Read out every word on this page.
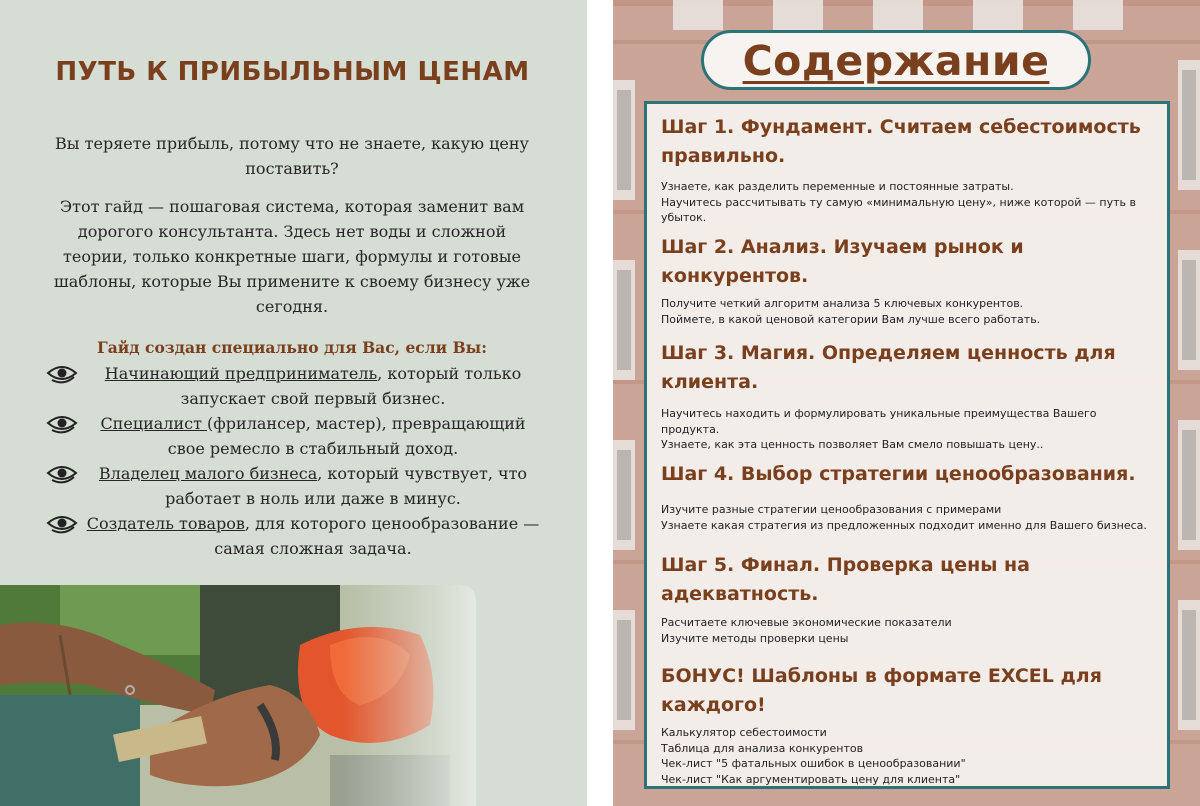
ПУТЬ К ПРИБЫЛЬНЫМ ЦЕНАМ

Вы теряете прибыль, потому что не знаете, какую цену поставить?

Этот гайд — пошаговая система, которая заменит вам дорогого консультанта. Здесь нет воды и сложной теории, только конкретные шаги, формулы и готовые шаблоны, которые Вы примените к своему бизнесу уже сегодня.

Гайд создан специально для Вас, если Вы:

Начинающий предприниматель, который только запускает свой первый бизнес.
Специалист (фрилансер, мастер), превращающий свое ремесло в стабильный доход.
Владелец малого бизнеса, который чувствует, что работает в ноль или даже в минус.
Создатель товаров, для которого ценообразование — самая сложная задача.
Содержание
Шаг 1. Фундамент. Считаем себестоимость правильно.
Узнаете, как разделить переменные и постоянные затраты.
Научитесь рассчитывать ту самую «минимальную цену», ниже которой — путь в убыток.
Шаг 2. Анализ. Изучаем рынок и конкурентов.
Получите четкий алгоритм анализа 5 ключевых конкурентов.
Поймете, в какой ценовой категории Вам лучше всего работать.
Шаг 3. Магия. Определяем ценность для клиента.
Научитесь находить и формулировать уникальные преимущества Вашего продукта.
Узнаете, как эта ценность позволяет Вам смело повышать цену..
Шаг 4. Выбор стратегии ценообразования.
Изучите разные стратегии ценообразования с примерами
Узнаете какая стратегия из предложенных подходит именно для Вашего бизнеса.
Шаг 5. Финал. Проверка цены на адекватность.
Расчитаете ключевые экономические показатели
Изучите методы проверки цены
БОНУС! Шаблоны в формате EXCEL для каждого!
Калькулятор себестоимости
Таблица для анализа конкурентов
Чек-лист "5 фатальных ошибок в ценообразовании"
Чек-лист "Как аргументировать цену для клиента"
